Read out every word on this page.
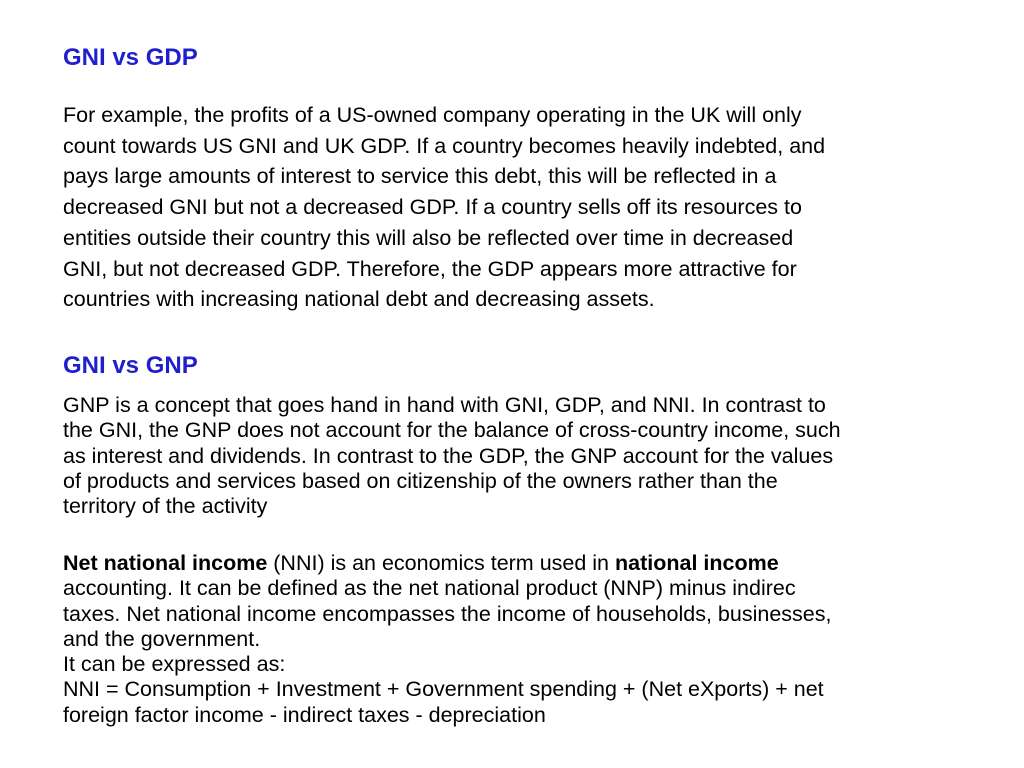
GNI vs GDP

For example, the profits of a US-owned company operating in the UK will only
count towards US GNI and UK GDP. If a country becomes heavily indebted, and
pays large amounts of interest to service this debt, this will be reflected in a
decreased GNI but not a decreased GDP. If a country sells off its resources to
entities outside their country this will also be reflected over time in decreased
GNI, but not decreased GDP. Therefore, the GDP appears more attractive for
countries with increasing national debt and decreasing assets.

GNI vs GNP

GNP is a concept that goes hand in hand with GNI, GDP, and NNI. In contrast to
the GNI, the GNP does not account for the balance of cross-country income, such
as interest and dividends. In contrast to the GDP, the GNP account for the values
of products and services based on citizenship of the owners rather than the
territory of the activity

Net national income (NNI) is an economics term used in national income
accounting. It can be defined as the net national product (NNP) minus indirec
taxes. Net national income encompasses the income of households, businesses,
and the government.
It can be expressed as:
NNI = Consumption + Investment + Government spending + (Net eXports) + net
foreign factor income - indirect taxes - depreciation
